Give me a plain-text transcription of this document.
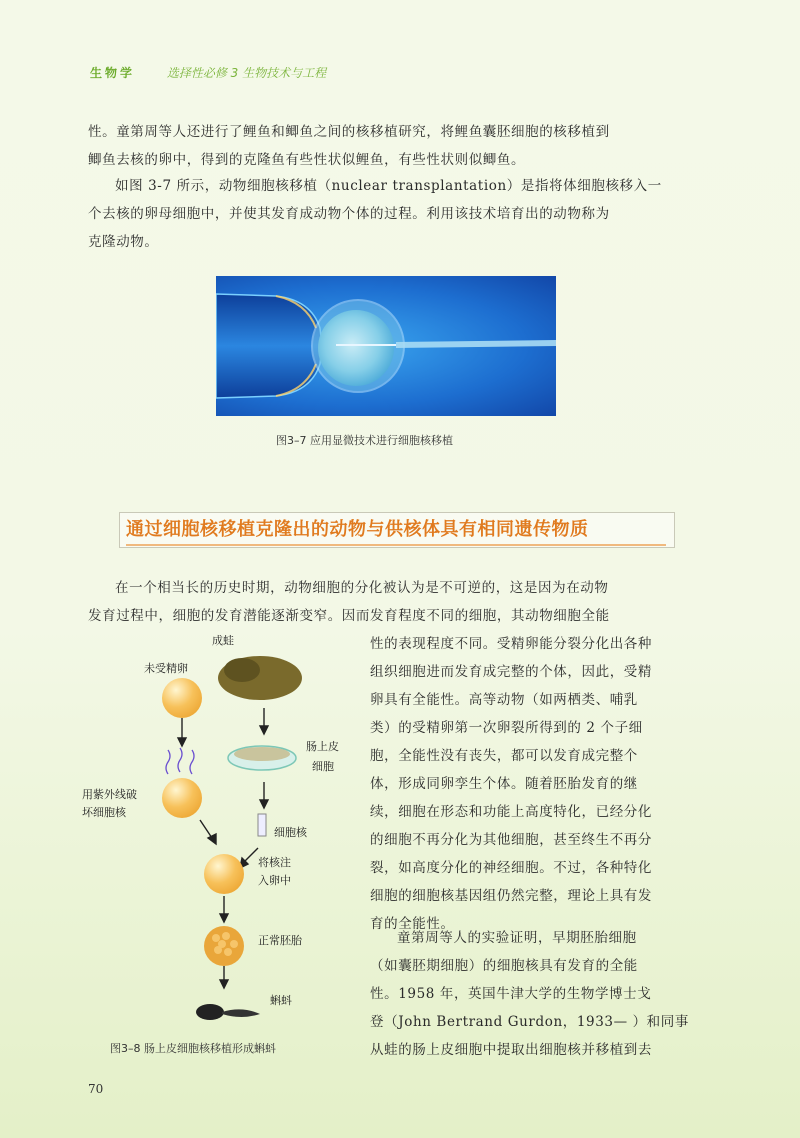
生物学	选择性必修 3 生物技术与工程
性。童第周等人还进行了鲤鱼和鲫鱼之间的核移植研究，将鲤鱼囊胚细胞的核移植到
鲫鱼去核的卵中，得到的克隆鱼有些性状似鲤鱼，有些性状则似鲫鱼。
如图 3-7 所示，动物细胞核移植（nuclear transplantation）是指将体细胞核移入一
个去核的卵母细胞中，并使其发育成动物个体的过程。利用该技术培育出的动物称为
克隆动物。
图3–7 应用显微技术进行细胞核移植
通过细胞核移植克隆出的动物与供核体具有相同遗传物质
在一个相当长的历史时期，动物细胞的分化被认为是不可逆的，这是因为在动物
发育过程中，细胞的发育潜能逐渐变窄。因而发育程度不同的细胞，其动物细胞全能
性的表现程度不同。受精卵能分裂分化出各种
组织细胞进而发育成完整的个体，因此，受精
卵具有全能性。高等动物（如两栖类、哺乳
类）的受精卵第一次卵裂所得到的 2 个子细
胞，全能性没有丧失，都可以发育成完整个
体，形成同卵孪生个体。随着胚胎发育的继
续，细胞在形态和功能上高度特化，已经分化
的细胞不再分化为其他细胞，甚至终生不再分
裂，如高度分化的神经细胞。不过，各种特化
细胞的细胞核基因组仍然完整，理论上具有发
育的全能性。
童第周等人的实验证明，早期胚胎细胞
（如囊胚期细胞）的细胞核具有发育的全能
性。1958 年，英国牛津大学的生物学博士戈
登（John Bertrand Gurdon，1933— ）和同事
从蛙的肠上皮细胞中提取出细胞核并移植到去
成蛙
未受精卵
用紫外线破
坏细胞核
肠上皮
细胞
细胞核
将核注
入卵中
正常胚胎
蝌蚪
图3–8 肠上皮细胞核移植形成蝌蚪
70
